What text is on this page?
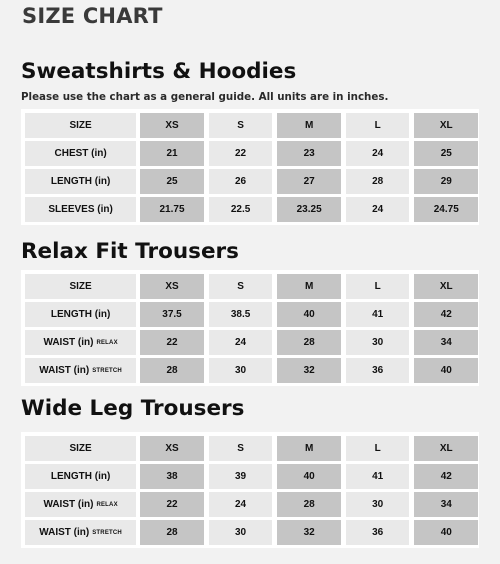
SIZE CHART
Sweatshirts & Hoodies
Please use the chart as a general guide. All units are in inches.
SIZE	XS	S	M	L	XL
CHEST (in)	21	22	23	24	25
LENGTH (in)	25	26	27	28	29
SLEEVES (in)	21.75	22.5	23.25	24	24.75
Relax Fit Trousers
SIZE	XS	S	M	L	XL
LENGTH (in)	37.5	38.5	40	41	42
WAIST (in) RELAX	22	24	28	30	34
WAIST (in) STRETCH	28	30	32	36	40
Wide Leg Trousers
SIZE	XS	S	M	L	XL
LENGTH (in)	38	39	40	41	42
WAIST (in) RELAX	22	24	28	30	34
WAIST (in) STRETCH	28	30	32	36	40
